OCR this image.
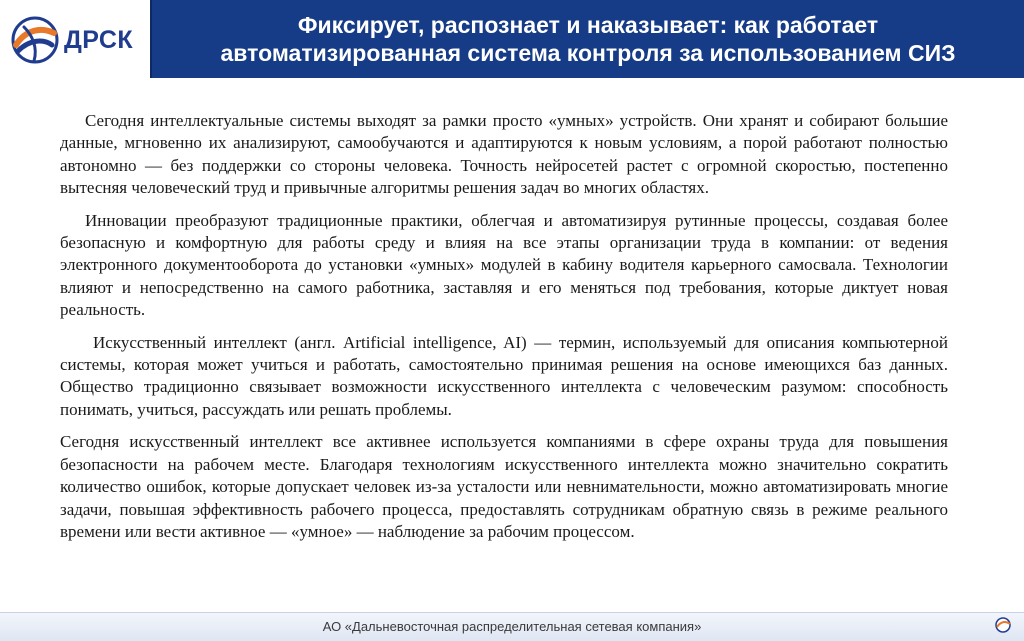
ДРСК
Фиксирует, распознает и наказывает: как работает
автоматизированная система контроля за использованием СИЗ

Сегодня интеллектуальные системы выходят за рамки просто «умных» устройств. Они хранят и собирают большие данные, мгновенно их анализируют, самообучаются и адаптируются к новым условиям, а порой работают полностью автономно — без поддержки со стороны человека. Точность нейросетей растет с огромной скоростью, постепенно вытесняя человеческий труд и привычные алгоритмы решения задач во многих областях.

Инновации преобразуют традиционные практики, облегчая и автоматизируя рутинные процессы, создавая более безопасную и комфортную для работы среду и влияя на все этапы организации труда в компании: от ведения электронного документооборота до установки «умных» модулей в кабину водителя карьерного самосвала. Технологии влияют и непосредственно на самого работника, заставляя и его меняться под требования, которые диктует новая реальность.

Искусственный интеллект (англ. Artificial intelligence, AI) — термин, используемый для описания компьютерной системы, которая может учиться и работать, самостоятельно принимая решения на основе имеющихся баз данных. Общество традиционно связывает возможности искусственного интеллекта с человеческим разумом: способность понимать, учиться, рассуждать или решать проблемы.

Сегодня искусственный интеллект все активнее используется компаниями в сфере охраны труда для повышения безопасности на рабочем месте. Благодаря технологиям искусственного интеллекта можно значительно сократить количество ошибок, которые допускает человек из-за усталости или невнимательности, можно автоматизировать многие задачи, повышая эффективность рабочего процесса, предоставлять сотрудникам обратную связь в режиме реального времени или вести активное — «умное» — наблюдение за рабочим процессом.

АО «Дальневосточная распределительная сетевая компания»
